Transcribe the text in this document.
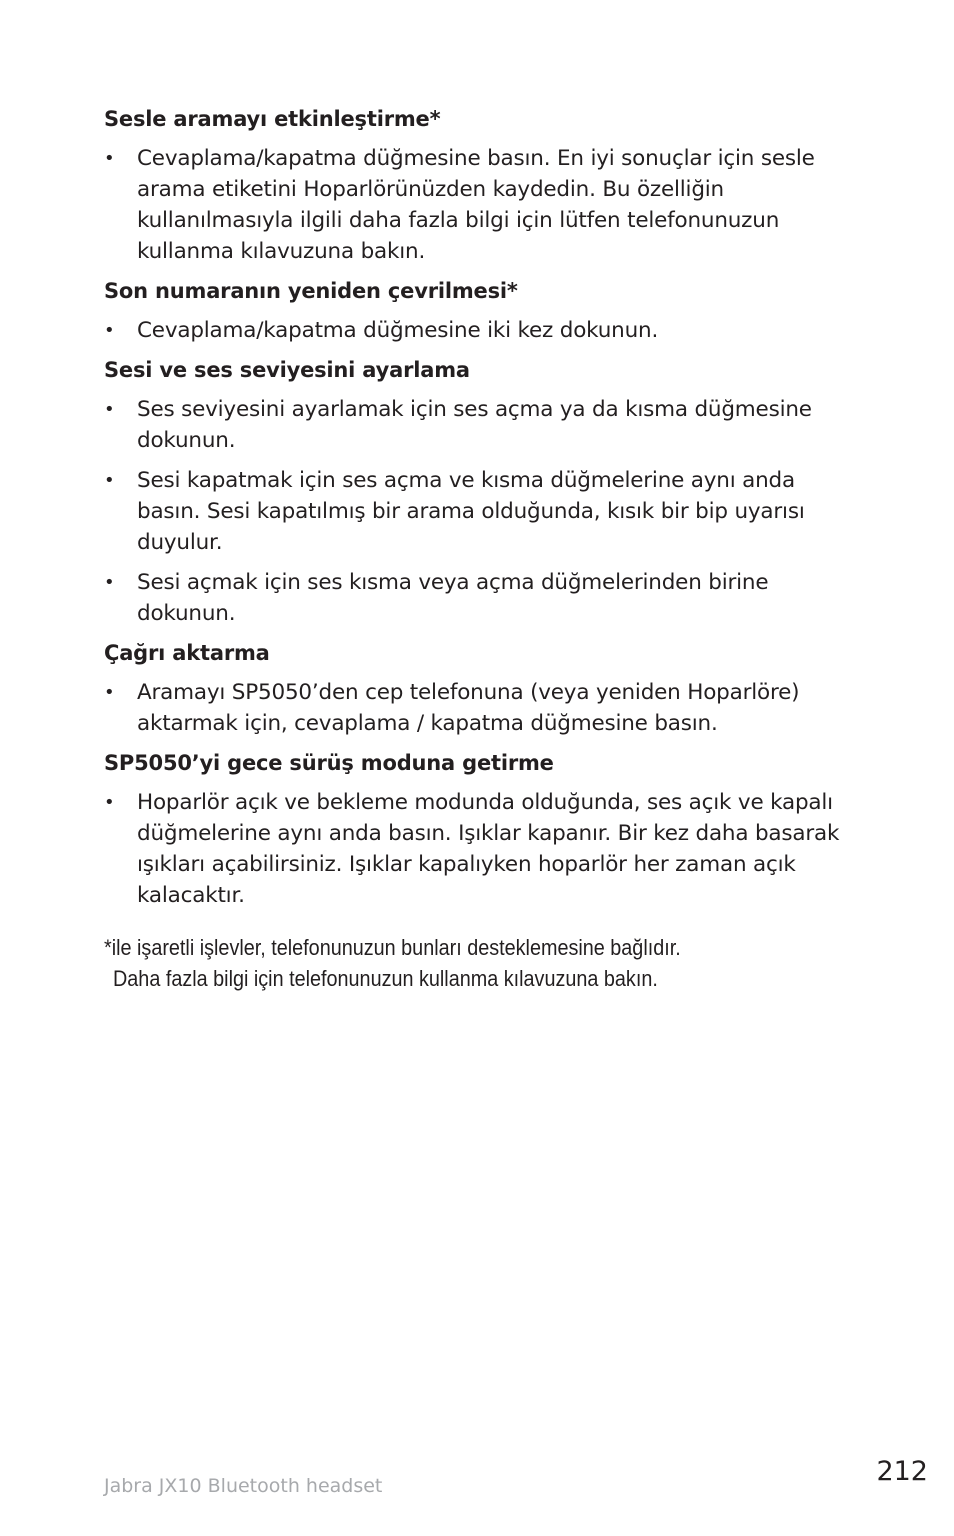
Sesle aramayı etkinleştirme*
• Cevaplama/kapatma düğmesine basın. En iyi sonuçlar için sesle arama etiketini Hoparlörünüzden kaydedin. Bu özelliğin kullanılmasıyla ilgili daha fazla bilgi için lütfen telefonunuzun kullanma kılavuzuna bakın.
Son numaranın yeniden çevrilmesi*
• Cevaplama/kapatma düğmesine iki kez dokunun.
Sesi ve ses seviyesini ayarlama
• Ses seviyesini ayarlamak için ses açma ya da kısma düğmesine dokunun.
• Sesi kapatmak için ses açma ve kısma düğmelerine aynı anda basın. Sesi kapatılmış bir arama olduğunda, kısık bir bip uyarısı duyulur.
• Sesi açmak için ses kısma veya açma düğmelerinden birine dokunun.
Çağrı aktarma
• Aramayı SP5050’den cep telefonuna (veya yeniden Hoparlöre) aktarmak için, cevaplama / kapatma düğmesine basın.
SP5050’yi gece sürüş moduna getirme
• Hoparlör açık ve bekleme modunda olduğunda, ses açık ve kapalı düğmelerine aynı anda basın. Işıklar kapanır. Bir kez daha basarak ışıkları açabilirsiniz. Işıklar kapalıyken hoparlör her zaman açık kalacaktır.
*ile işaretli işlevler, telefonunuzun bunları desteklemesine bağlıdır.
Daha fazla bilgi için telefonunuzun kullanma kılavuzuna bakın.
Jabra JX10 Bluetooth headset	212
